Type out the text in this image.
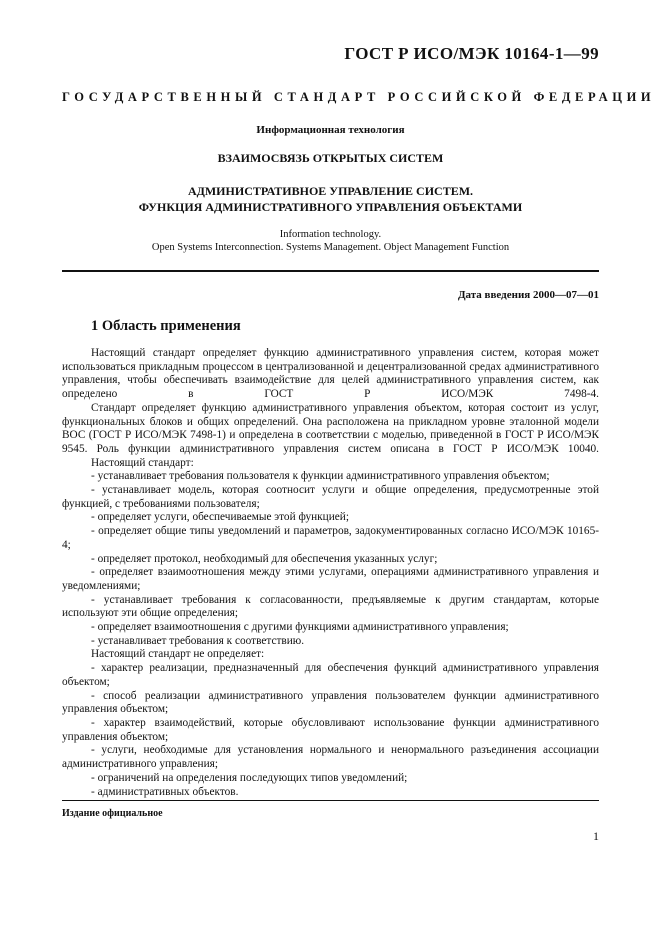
ГОСТ Р ИСО/МЭК 10164-1—99
ГОСУДАРСТВЕННЫЙ СТАНДАРТ РОССИЙСКОЙ ФЕДЕРАЦИИ
Информационная технология
ВЗАИМОСВЯЗЬ ОТКРЫТЫХ СИСТЕМ
АДМИНИСТРАТИВНОЕ УПРАВЛЕНИЕ СИСТЕМ.
ФУНКЦИЯ АДМИНИСТРАТИВНОГО УПРАВЛЕНИЯ ОБЪЕКТАМИ
Information technology.
Open Systems Interconnection. Systems Management. Object Management Function
Дата введения 2000—07—01
1 Область применения

Настоящий стандарт определяет функцию административного управления систем, которая может использоваться прикладным процессом в централизованной и децентрализованной средах административного управления, чтобы обеспечивать взаимодействие для целей административного управления систем, как определено в ГОСТ Р ИСО/МЭК 7498-4.

Стандарт определяет функцию административного управления объектом, которая состоит из услуг, функциональных блоков и общих определений. Она расположена на прикладном уровне эталонной модели ВОС (ГОСТ Р ИСО/МЭК 7498-1) и определена в соответствии с моделью, приведенной в ГОСТ Р ИСО/МЭК 9545. Роль функции административного управления систем описана в ГОСТ Р ИСО/МЭК 10040.

Настоящий стандарт:

- устанавливает требования пользователя к функции административного управления объектом;

- устанавливает модель, которая соотносит услуги и общие определения, предусмотренные этой функцией, с требованиями пользователя;

- определяет услуги, обеспечиваемые этой функцией;

- определяет общие типы уведомлений и параметров, задокументированных согласно ИСО/МЭК 10165-4;

- определяет протокол, необходимый для обеспечения указанных услуг;

- определяет взаимоотношения между этими услугами, операциями административного управления и уведомлениями;

- устанавливает требования к согласованности, предъявляемые к другим стандартам, которые используют эти общие определения;

- определяет взаимоотношения с другими функциями административного управления;

- устанавливает требования к соответствию.

Настоящий стандарт не определяет:

- характер реализации, предназначенный для обеспечения функций административного управления объектом;

- способ реализации административного управления пользователем функции административного управления объектом;

- характер взаимодействий, которые обусловливают использование функции административного управления объектом;

- услуги, необходимые для установления нормального и ненормального разъединения ассоциации административного управления;

- ограничений на определения последующих типов уведомлений;

- административных объектов.

Издание официальное
1
